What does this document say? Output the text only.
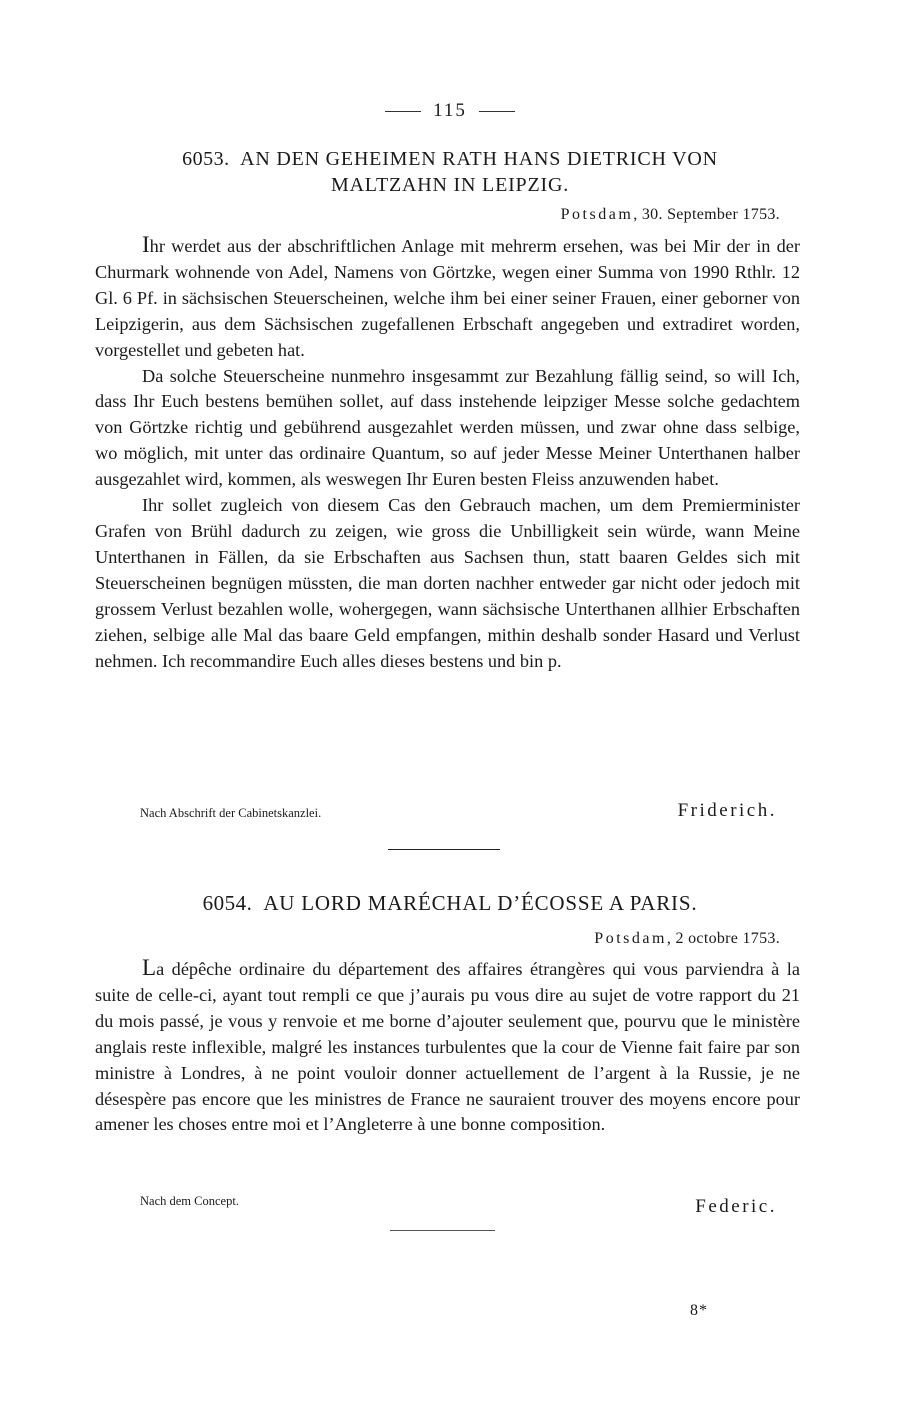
115
6053. AN DEN GEHEIMEN RATH HANS DIETRICH VON
MALTZAHN IN LEIPZIG.
Potsdam, 30. September 1753.

Ihr werdet aus der abschriftlichen Anlage mit mehrerm ersehen, was bei Mir der in der Churmark wohnende von Adel, Namens von Görtzke, wegen einer Summa von 1990 Rthlr. 12 Gl. 6 Pf. in sächsischen Steuerscheinen, welche ihm bei einer seiner Frauen, einer geborner von Leipzigerin, aus dem Sächsischen zugefallenen Erbschaft angegeben und extradiret worden, vorgestellet und gebeten hat.

Da solche Steuerscheine nunmehro insgesammt zur Bezahlung fällig seind, so will Ich, dass Ihr Euch bestens bemühen sollet, auf dass instehende leipziger Messe solche gedachtem von Görtzke richtig und gebührend ausgezahlet werden müssen, und zwar ohne dass selbige, wo möglich, mit unter das ordinaire Quantum, so auf jeder Messe Meiner Unterthanen halber ausgezahlet wird, kommen, als weswegen Ihr Euren besten Fleiss anzuwenden habet.

Ihr sollet zugleich von diesem Cas den Gebrauch machen, um dem Premierminister Grafen von Brühl dadurch zu zeigen, wie gross die Unbilligkeit sein würde, wann Meine Unterthanen in Fällen, da sie Erbschaften aus Sachsen thun, statt baaren Geldes sich mit Steuerscheinen begnügen müssten, die man dorten nachher entweder gar nicht oder jedoch mit grossem Verlust bezahlen wolle, wohergegen, wann sächsische Unterthanen allhier Erbschaften ziehen, selbige alle Mal das baare Geld empfangen, mithin deshalb sonder Hasard und Verlust nehmen. Ich recommandire Euch alles dieses bestens und bin p.

Nach Abschrift der Cabinetskanzlei.	Friderich.
6054. AU LORD MARÉCHAL D’ÉCOSSE A PARIS.
Potsdam, 2 octobre 1753.

La dépêche ordinaire du département des affaires étrangères qui vous parviendra à la suite de celle-ci, ayant tout rempli ce que j’aurais pu vous dire au sujet de votre rapport du 21 du mois passé, je vous y renvoie et me borne d’ajouter seulement que, pourvu que le ministère anglais reste inflexible, malgré les instances turbulentes que la cour de Vienne fait faire par son ministre à Londres, à ne point vouloir donner actuellement de l’argent à la Russie, je ne désespère pas encore que les ministres de France ne sauraient trouver des moyens encore pour amener les choses entre moi et l’Angleterre à une bonne composition.

Nach dem Concept.	Federic.
8*
